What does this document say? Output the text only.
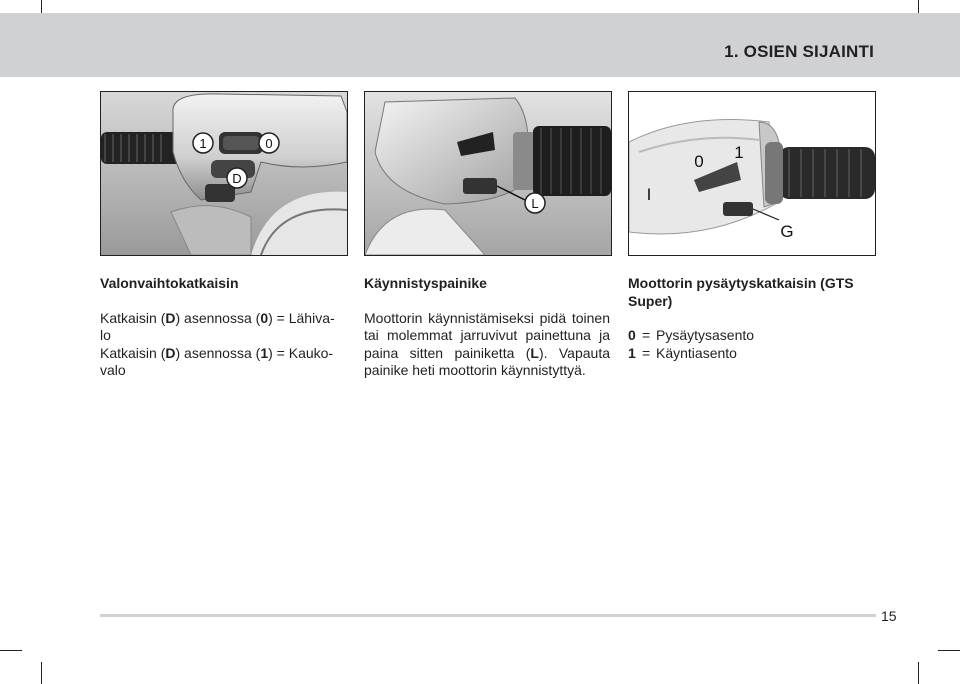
1. OSIEN SIJAINTI
1	0
D
L
0 1
I
G
Valonvaihtokatkaisin

Katkaisin (D) asennossa (0) = Lähiva-

lo

Katkaisin (D) asennossa (1) = Kauko-

valo

Käynnistyspainike

Moottorin käynnistämiseksi pidä toinen tai molemmat jarruvivut painettuna ja paina sitten painiketta (L). Vapauta painike heti moottorin käynnistyttyä.

Moottorin pysäytyskatkaisin (GTS Super)
0 = Pysäytysasento
1 = Käyntiasento
15
